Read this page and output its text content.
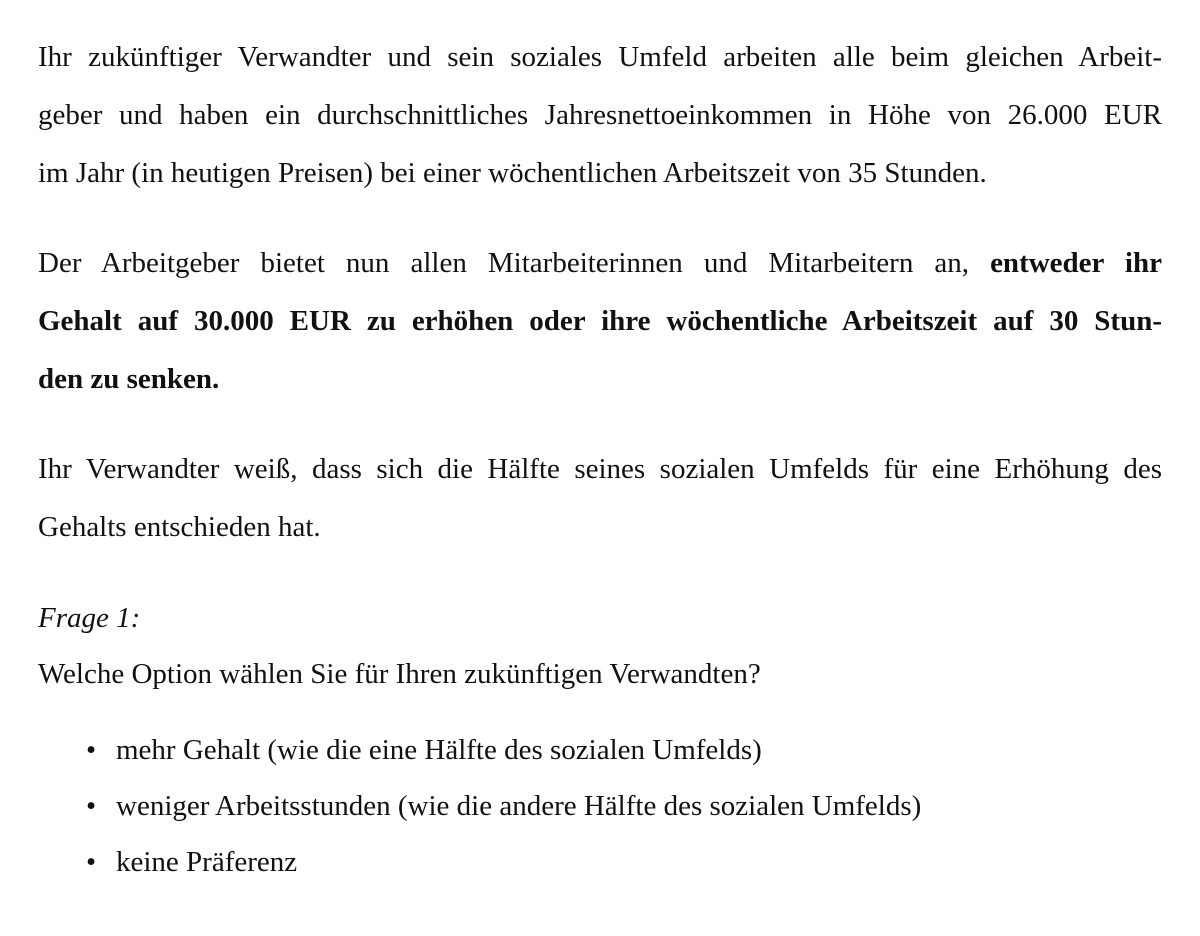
Ihr zukünftiger Verwandter und sein soziales Umfeld arbeiten alle beim gleichen Arbeit-
geber und haben ein durchschnittliches Jahresnettoeinkommen in Höhe von 26.000 EUR
im Jahr (in heutigen Preisen) bei einer wöchentlichen Arbeitszeit von 35 Stunden.
Der Arbeitgeber bietet nun allen Mitarbeiterinnen und Mitarbeitern an, entweder ihr
Gehalt auf 30.000 EUR zu erhöhen oder ihre wöchentliche Arbeitszeit auf 30 Stun-
den zu senken.
Ihr Verwandter weiß, dass sich die Hälfte seines sozialen Umfelds für eine Erhöhung des
Gehalts entschieden hat.
Frage 1:
Welche Option wählen Sie für Ihren zukünftigen Verwandten?
• mehr Gehalt (wie die eine Hälfte des sozialen Umfelds)
• weniger Arbeitsstunden (wie die andere Hälfte des sozialen Umfelds)
• keine Präferenz
